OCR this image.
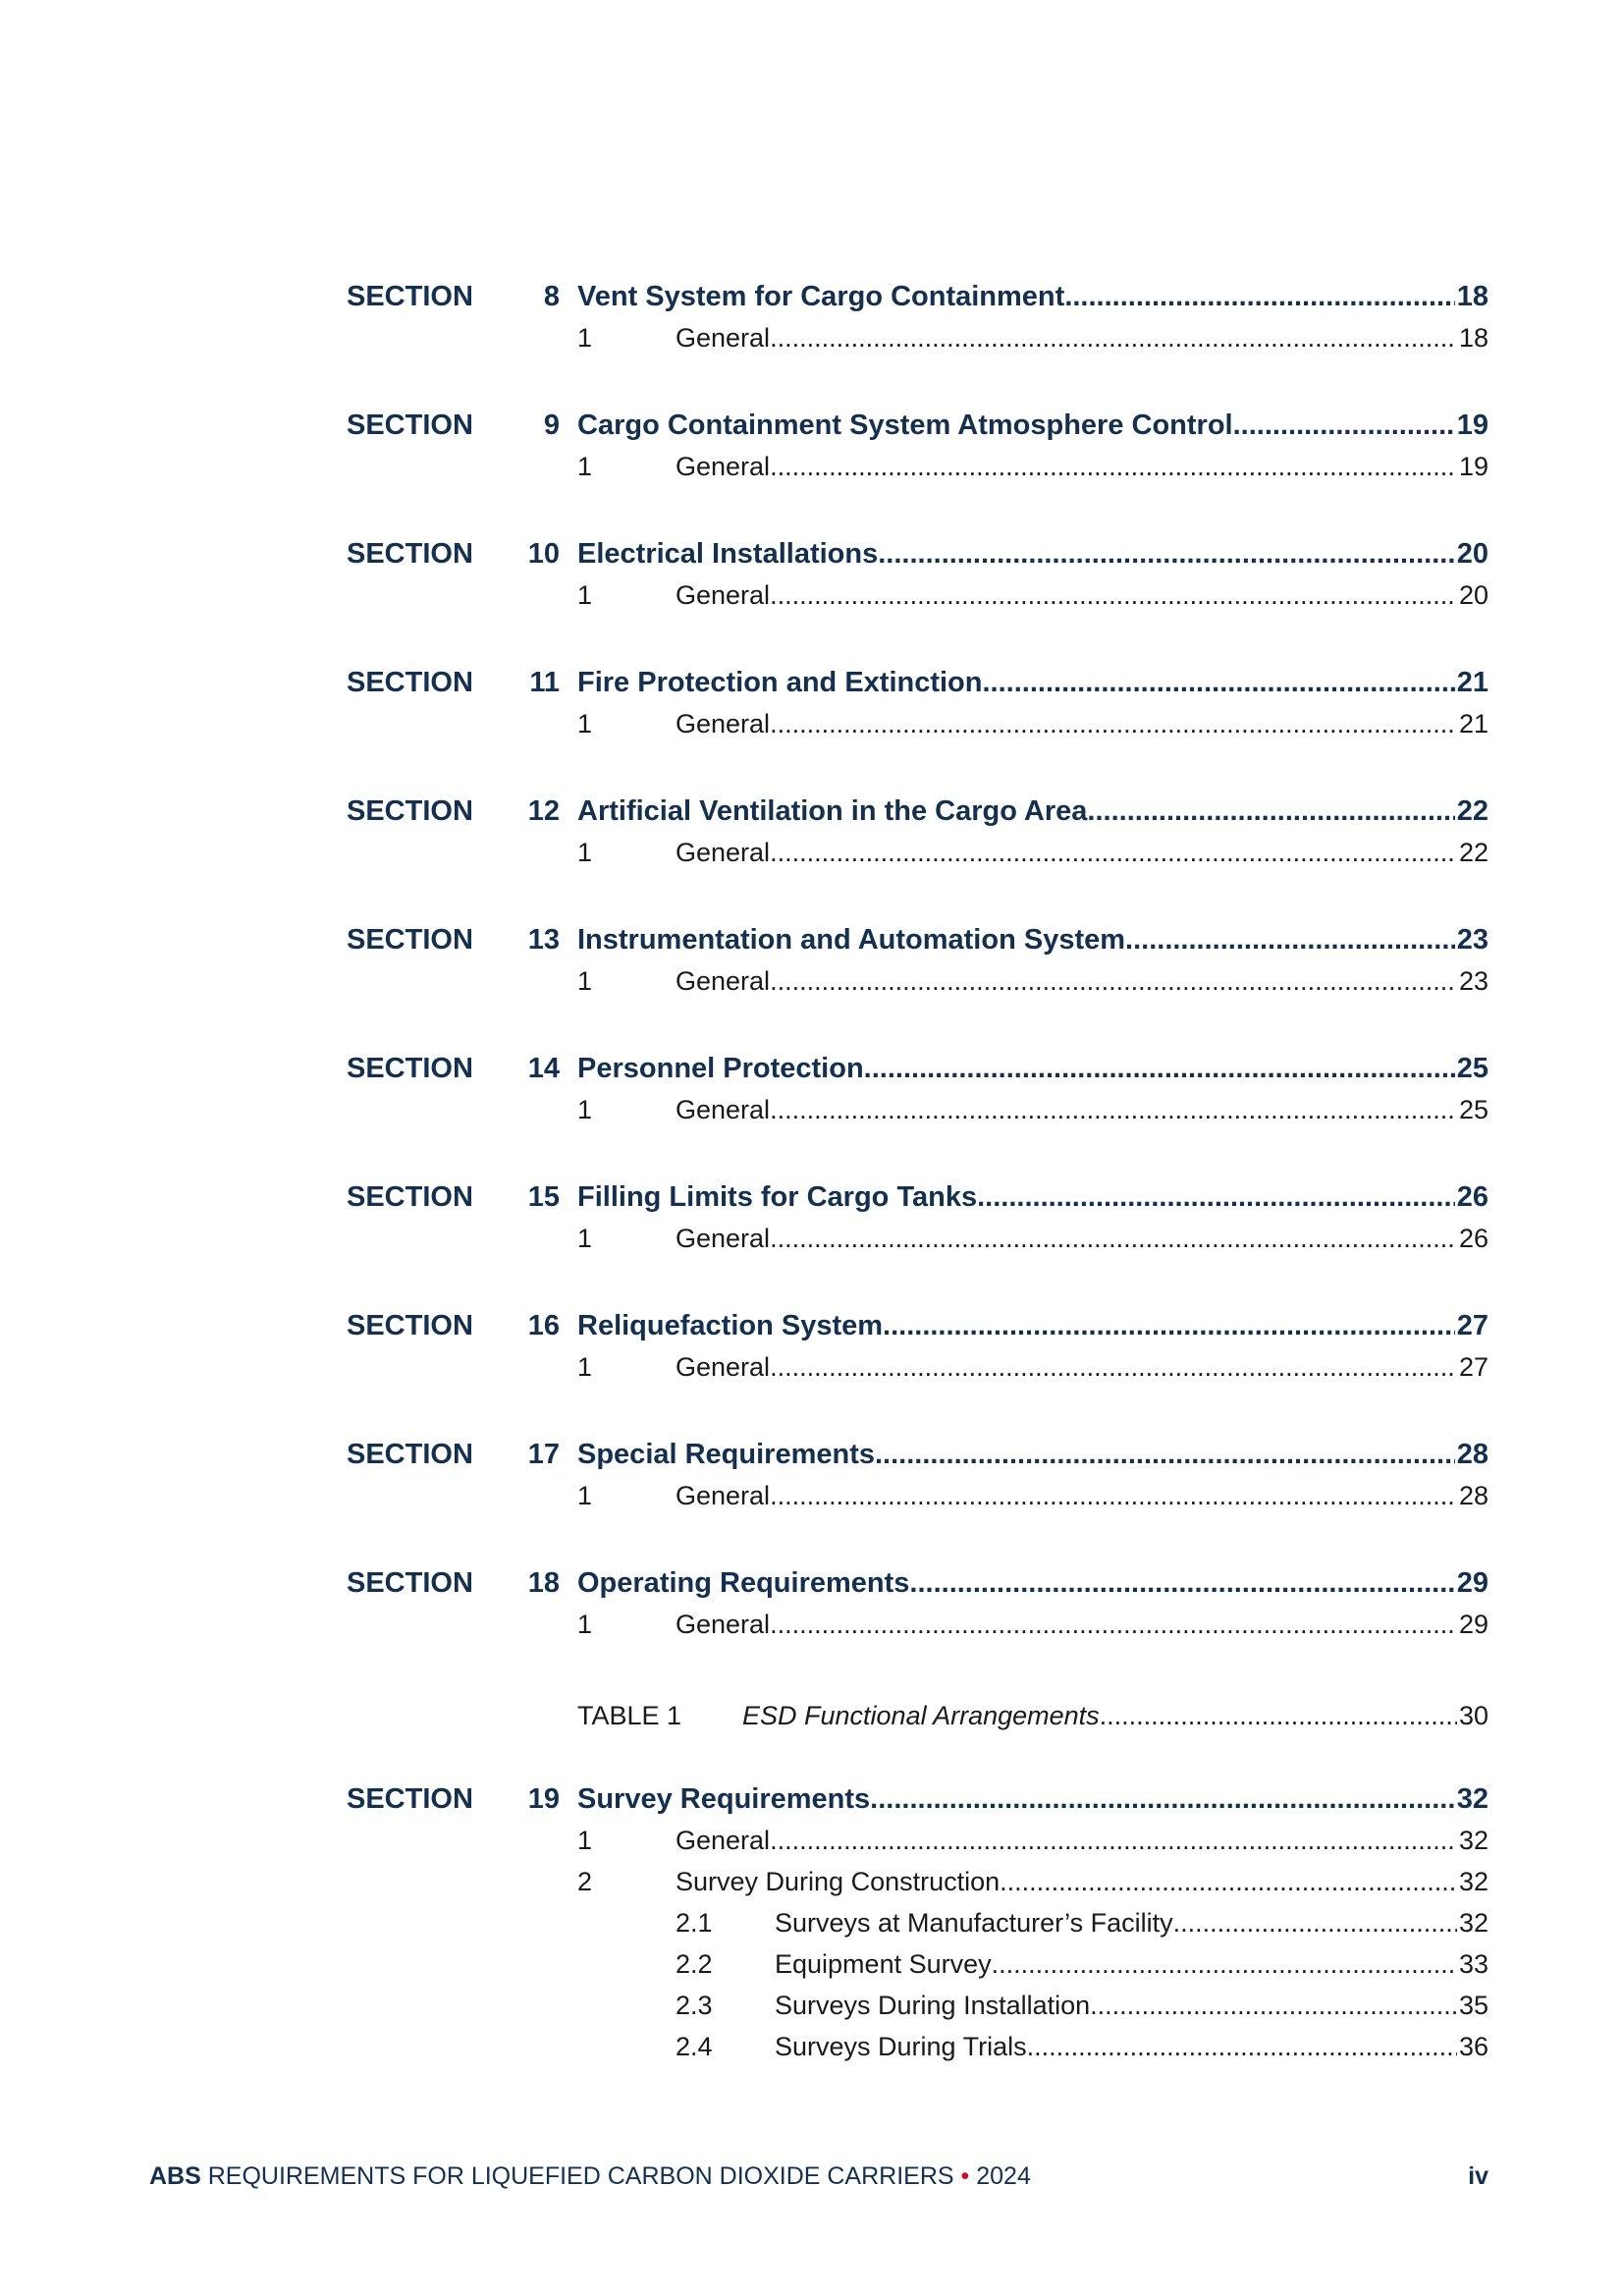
SECTION	8 Vent System for Cargo Containment .....	18
1	General .....	18
SECTION	9 Cargo Containment System Atmosphere Control .....	19
1	General .....	19
SECTION	10 Electrical Installations .....	20
1	General .....	20
SECTION	11 Fire Protection and Extinction .....	21
1	General .....	21
SECTION	12 Artificial Ventilation in the Cargo Area .....	22
1	General .....	22
SECTION	13 Instrumentation and Automation System .....	23
1	General .....	23
SECTION	14 Personnel Protection .....	25
1	General .....	25
SECTION	15 Filling Limits for Cargo Tanks .....	26
1	General .....	26
SECTION	16 Reliquefaction System .....	27
1	General .....	27
SECTION	17 Special Requirements .....	28
1	General .....	28
SECTION	18 Operating Requirements .....	29
1	General .....	29
TABLE 1 ESD Functional Arrangements .....	30
SECTION	19 Survey Requirements .....	32
1	General .....	32
2	Survey During Construction .....	32
2.1 Surveys at Manufacturer’s Facility .....	32
2.2 Equipment Survey .....	33
2.3 Surveys During Installation .....	35
2.4 Surveys During Trials .....	36
ABS REQUIREMENTS FOR LIQUEFIED CARBON DIOXIDE CARRIERS • 2024	iv
